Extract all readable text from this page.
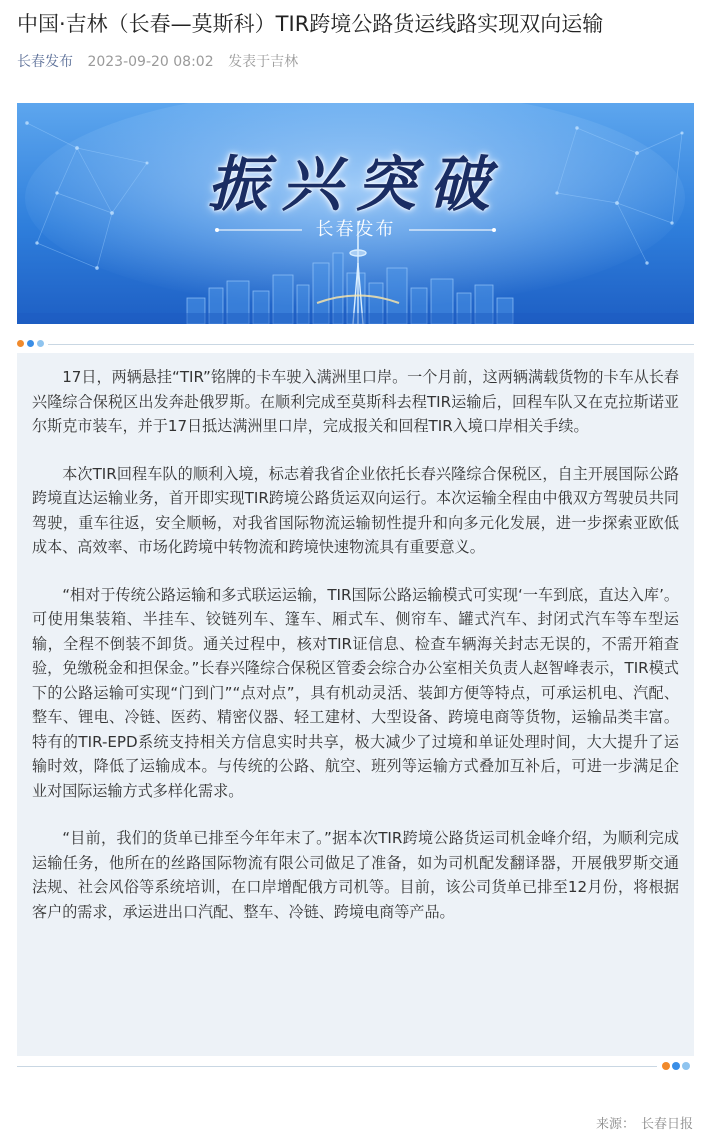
中国·吉林（长春—莫斯科）TIR跨境公路货运线路实现双向运输
长春发布 2023-09-20 08:02 发表于吉林
振兴突破
长春发布

17日，两辆悬挂“TIR”铭牌的卡车驶入满洲里口岸。一个月前，这两辆满载货物的卡车从长春兴隆综合保税区出发奔赴俄罗斯。在顺利完成至莫斯科去程TIR运输后，回程车队又在克拉斯诺亚尔斯克市装车，并于17日抵达满洲里口岸，完成报关和回程TIR入境口岸相关手续。

本次TIR回程车队的顺利入境，标志着我省企业依托长春兴隆综合保税区，自主开展国际公路跨境直达运输业务，首开即实现TIR跨境公路货运双向运行。本次运输全程由中俄双方驾驶员共同驾驶，重车往返，安全顺畅，对我省国际物流运输韧性提升和向多元化发展，进一步探索亚欧低成本、高效率、市场化跨境中转物流和跨境快速物流具有重要意义。

“相对于传统公路运输和多式联运运输，TIR国际公路运输模式可实现‘一车到底，直达入库’。可使用集装箱、半挂车、铰链列车、篷车、厢式车、侧帘车、罐式汽车、封闭式汽车等车型运输，全程不倒装不卸货。通关过程中，核对TIR证信息、检查车辆海关封志无误的，不需开箱查验，免缴税金和担保金。”长春兴隆综合保税区管委会综合办公室相关负责人赵智峰表示，TIR模式下的公路运输可实现“门到门”“点对点”，具有机动灵活、装卸方便等特点，可承运机电、汽配、整车、锂电、冷链、医药、精密仪器、轻工建材、大型设备、跨境电商等货物，运输品类丰富。特有的TIR-EPD系统支持相关方信息实时共享，极大减少了过境和单证处理时间，大大提升了运输时效，降低了运输成本。与传统的公路、航空、班列等运输方式叠加互补后，可进一步满足企业对国际运输方式多样化需求。

“目前，我们的货单已排至今年年末了。”据本次TIR跨境公路货运司机金峰介绍，为顺利完成运输任务，他所在的丝路国际物流有限公司做足了准备，如为司机配发翻译器，开展俄罗斯交通法规、社会风俗等系统培训，在口岸增配俄方司机等。目前，该公司货单已排至12月份，将根据客户的需求，承运进出口汽配、整车、冷链、跨境电商等产品。

来源： 长春日报
